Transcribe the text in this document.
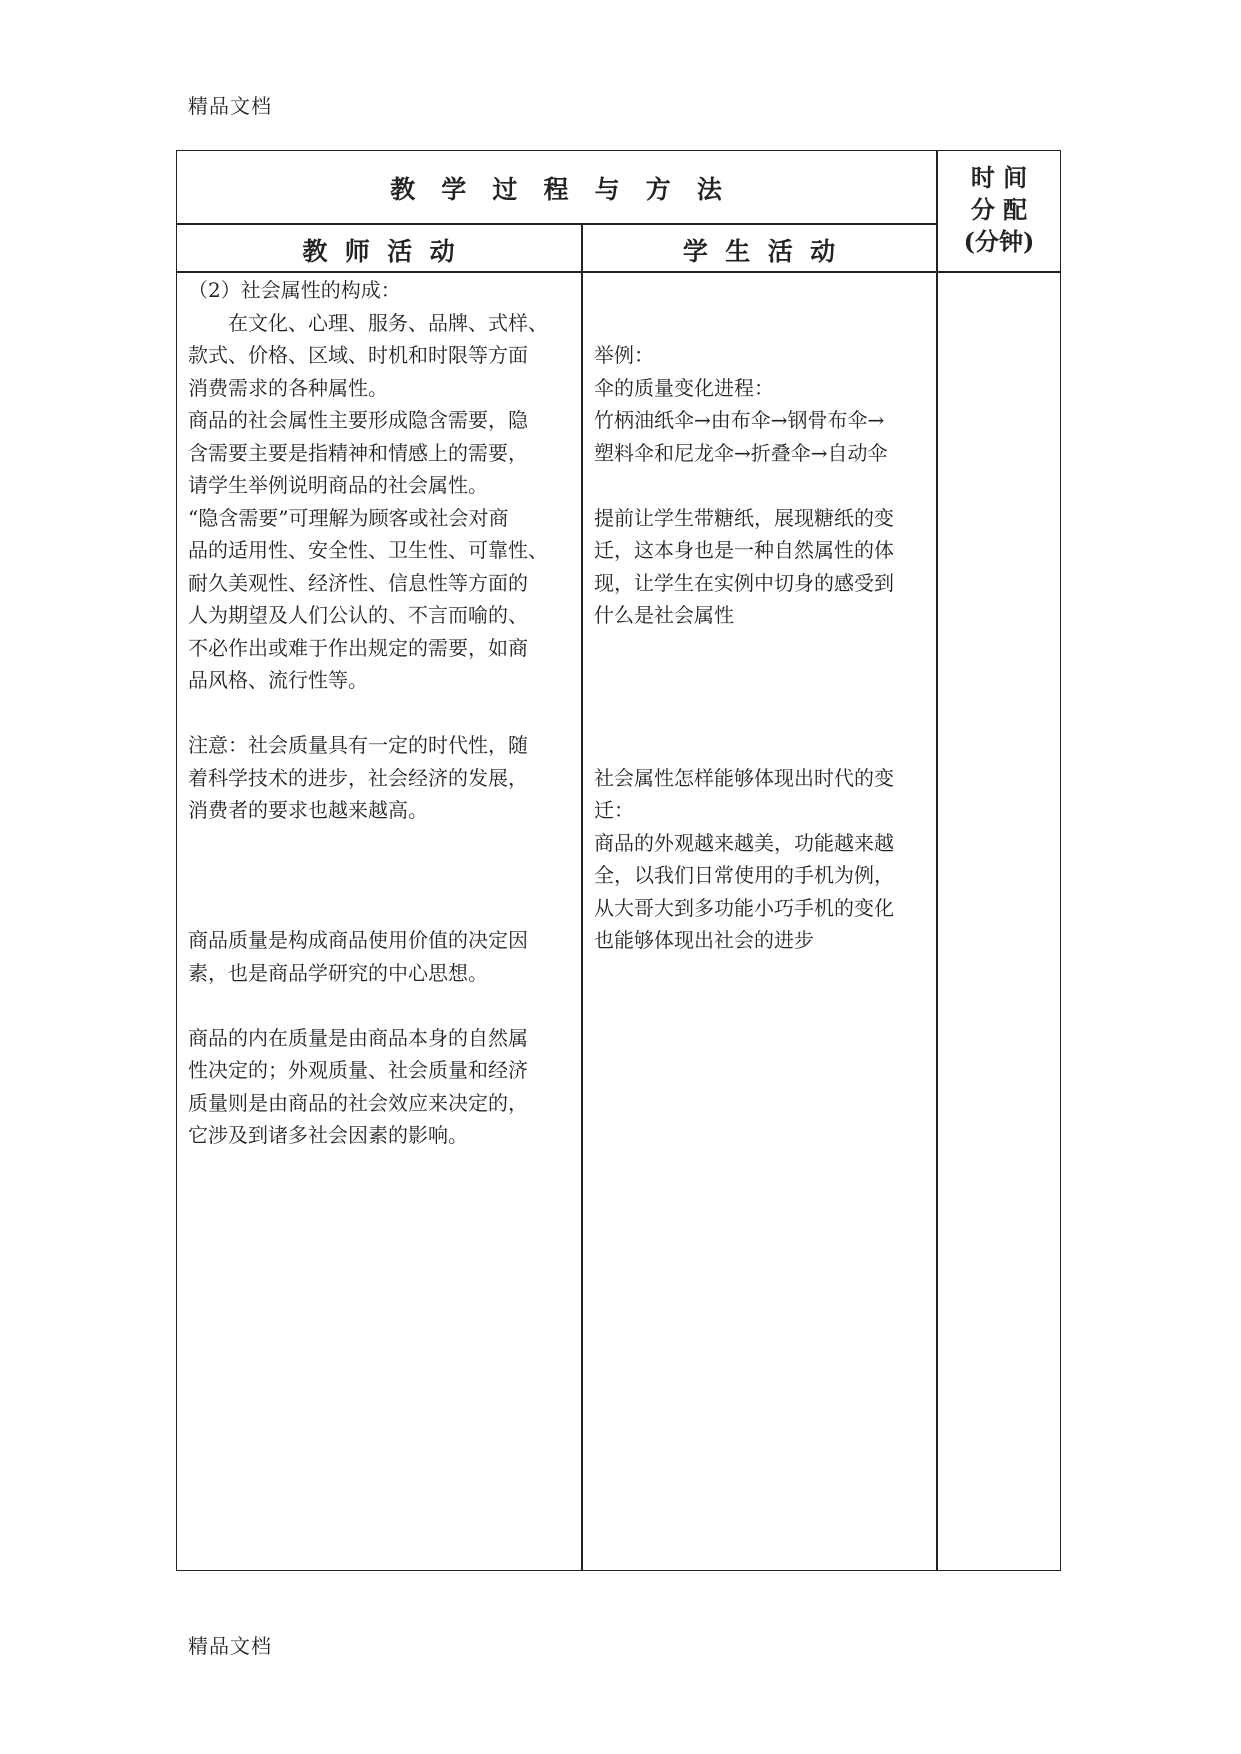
精品文档
教   学   过   程   与   方   法
教  师  活  动	学  生  活  动
时 间
分 配
(分钟)

（2）社会属性的构成：

　　在文化、心理、服务、品牌、式样、

款式、价格、区域、时机和时限等方面

消费需求的各种属性。

商品的社会属性主要形成隐含需要，隐

含需要主要是指精神和情感上的需要，

请学生举例说明商品的社会属性。

“隐含需要”可理解为顾客或社会对商

品的适用性、安全性、卫生性、可靠性、

耐久美观性、经济性、信息性等方面的

人为期望及人们公认的、不言而喻的、

不必作出或难于作出规定的需要，如商

品风格、流行性等。

注意：社会质量具有一定的时代性，随

着科学技术的进步，社会经济的发展，

消费者的要求也越来越高。

商品质量是构成商品使用价值的决定因

素，也是商品学研究的中心思想。

商品的内在质量是由商品本身的自然属

性决定的；外观质量、社会质量和经济

质量则是由商品的社会效应来决定的，

它涉及到诸多社会因素的影响。

举例：

伞的质量变化进程：

竹柄油纸伞→由布伞→钢骨布伞→

塑料伞和尼龙伞→折叠伞→自动伞

提前让学生带糖纸，展现糖纸的变

迁，这本身也是一种自然属性的体

现，让学生在实例中切身的感受到

什么是社会属性

社会属性怎样能够体现出时代的变

迁：

商品的外观越来越美，功能越来越

全，以我们日常使用的手机为例，

从大哥大到多功能小巧手机的变化

也能够体现出社会的进步

精品文档
